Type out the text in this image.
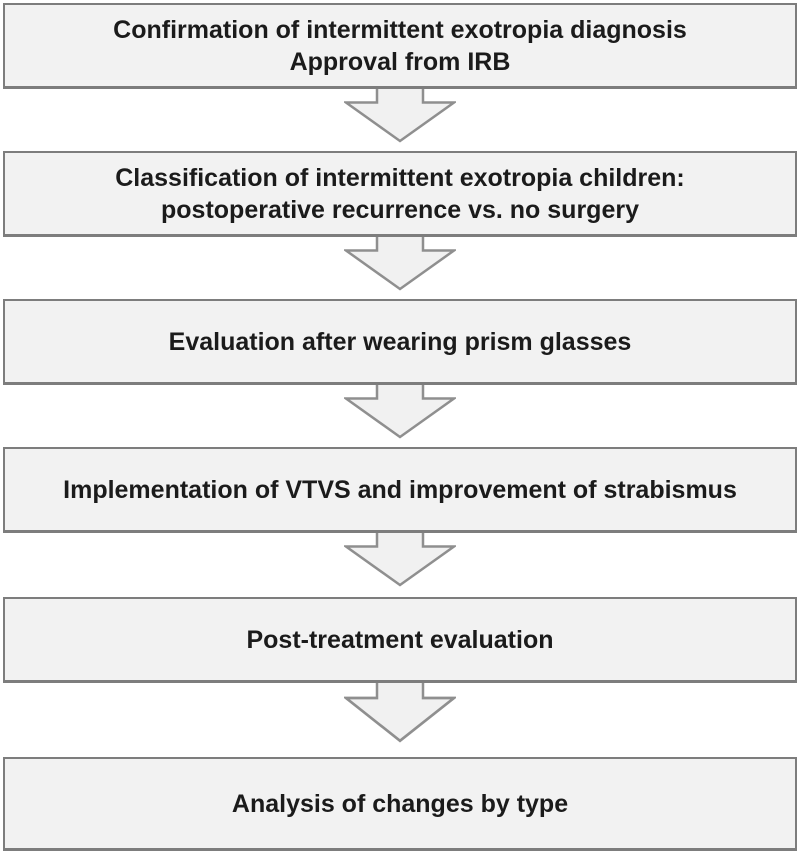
Confirmation of intermittent exotropia diagnosis
Approval from IRB
Classification of intermittent exotropia children:
postoperative recurrence vs. no surgery
Evaluation after wearing prism glasses
Implementation of VTVS and improvement of strabismus
Post-treatment evaluation
Analysis of changes by type
